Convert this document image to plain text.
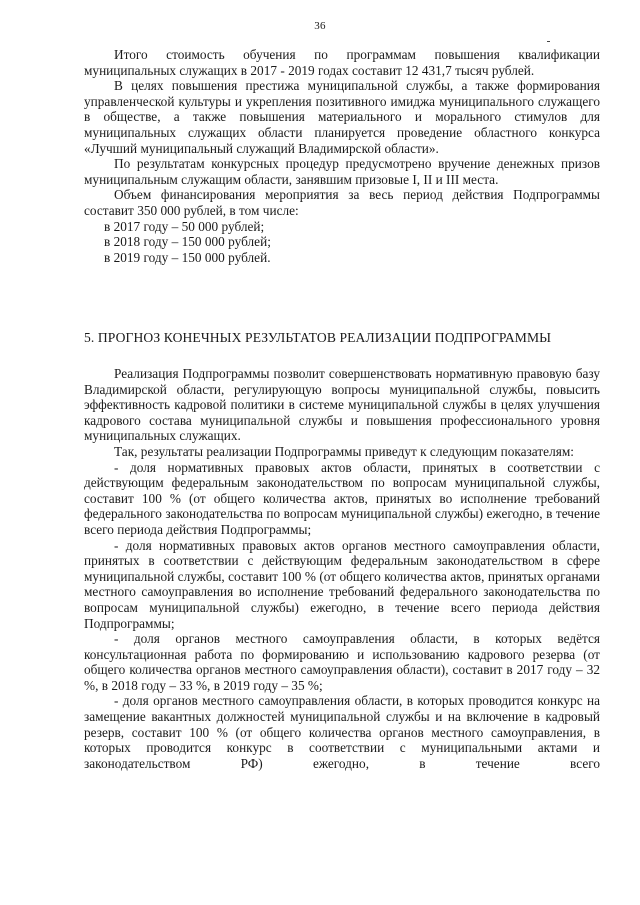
36

Итого стоимость обучения по программам повышения квалификации муниципальных служащих в 2017 - 2019 годах составит 12 431,7 тысяч рублей.

В целях повышения престижа муниципальной службы, а также формирования управленческой культуры и укрепления позитивного имиджа муниципального служащего в обществе, а также повышения материального и морального стимулов для муниципальных служащих области планируется проведение областного конкурса «Лучший муниципальный служащий Владимирской области».

По результатам конкурсных процедур предусмотрено вручение денежных призов муниципальным служащим области, занявшим призовые I, II и III места.

Объем финансирования мероприятия за весь период действия Подпрограммы составит 350 000 рублей, в том числе:

в 2017 году – 50 000 рублей;

в 2018 году – 150 000 рублей;

в 2019 году – 150 000 рублей.

5. ПРОГНОЗ КОНЕЧНЫХ РЕЗУЛЬТАТОВ РЕАЛИЗАЦИИ ПОДПРОГРАММЫ

Реализация Подпрограммы позволит совершенствовать нормативную правовую базу Владимирской области, регулирующую вопросы муниципальной службы, повысить эффективность кадровой политики в системе муниципальной службы в целях улучшения кадрового состава муниципальной службы и повышения профессионального уровня муниципальных служащих.

Так, результаты реализации Подпрограммы приведут к следующим показателям:

- доля нормативных правовых актов области, принятых в соответствии с действующим федеральным законодательством по вопросам муниципальной службы, составит 100 % (от общего количества актов, принятых во исполнение требований федерального законодательства по вопросам муниципальной службы) ежегодно, в течение всего периода действия Подпрограммы;

- доля нормативных правовых актов органов местного самоуправления области, принятых в соответствии с действующим федеральным законодательством в сфере муниципальной службы, составит 100 % (от общего количества актов, принятых органами местного самоуправления во исполнение требований федерального законодательства по вопросам муниципальной службы) ежегодно, в течение всего периода действия Подпрограммы;

- доля органов местного самоуправления области, в которых ведётся консультационная работа по формированию и использованию кадрового резерва (от общего количества органов местного самоуправления области), составит в 2017 году – 32 %, в 2018 году – 33 %, в 2019 году – 35 %;

- доля органов местного самоуправления области, в которых проводится конкурс на замещение вакантных должностей муниципальной службы и на включение в кадровый резерв, составит 100 % (от общего количества органов местного самоуправления, в которых проводится конкурс в соответствии с муниципальными актами и законодательством РФ) ежегодно, в течение всего
